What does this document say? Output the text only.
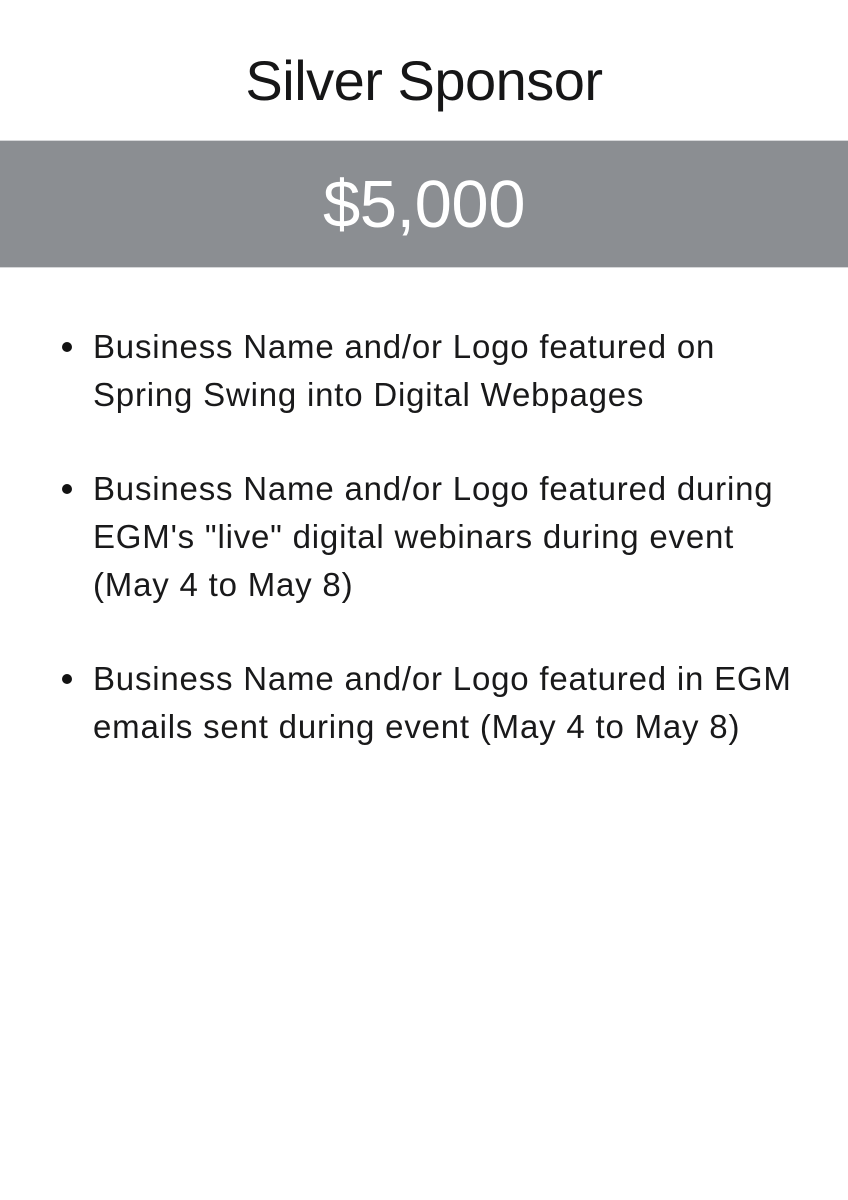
Silver Sponsor
$5,000
Business Name and/or Logo featured on Spring Swing into Digital Webpages
Business Name and/or Logo featured during EGM's "live" digital webinars during event (May 4 to May 8)
Business Name and/or Logo featured in EGM emails sent during event (May 4 to May 8)
